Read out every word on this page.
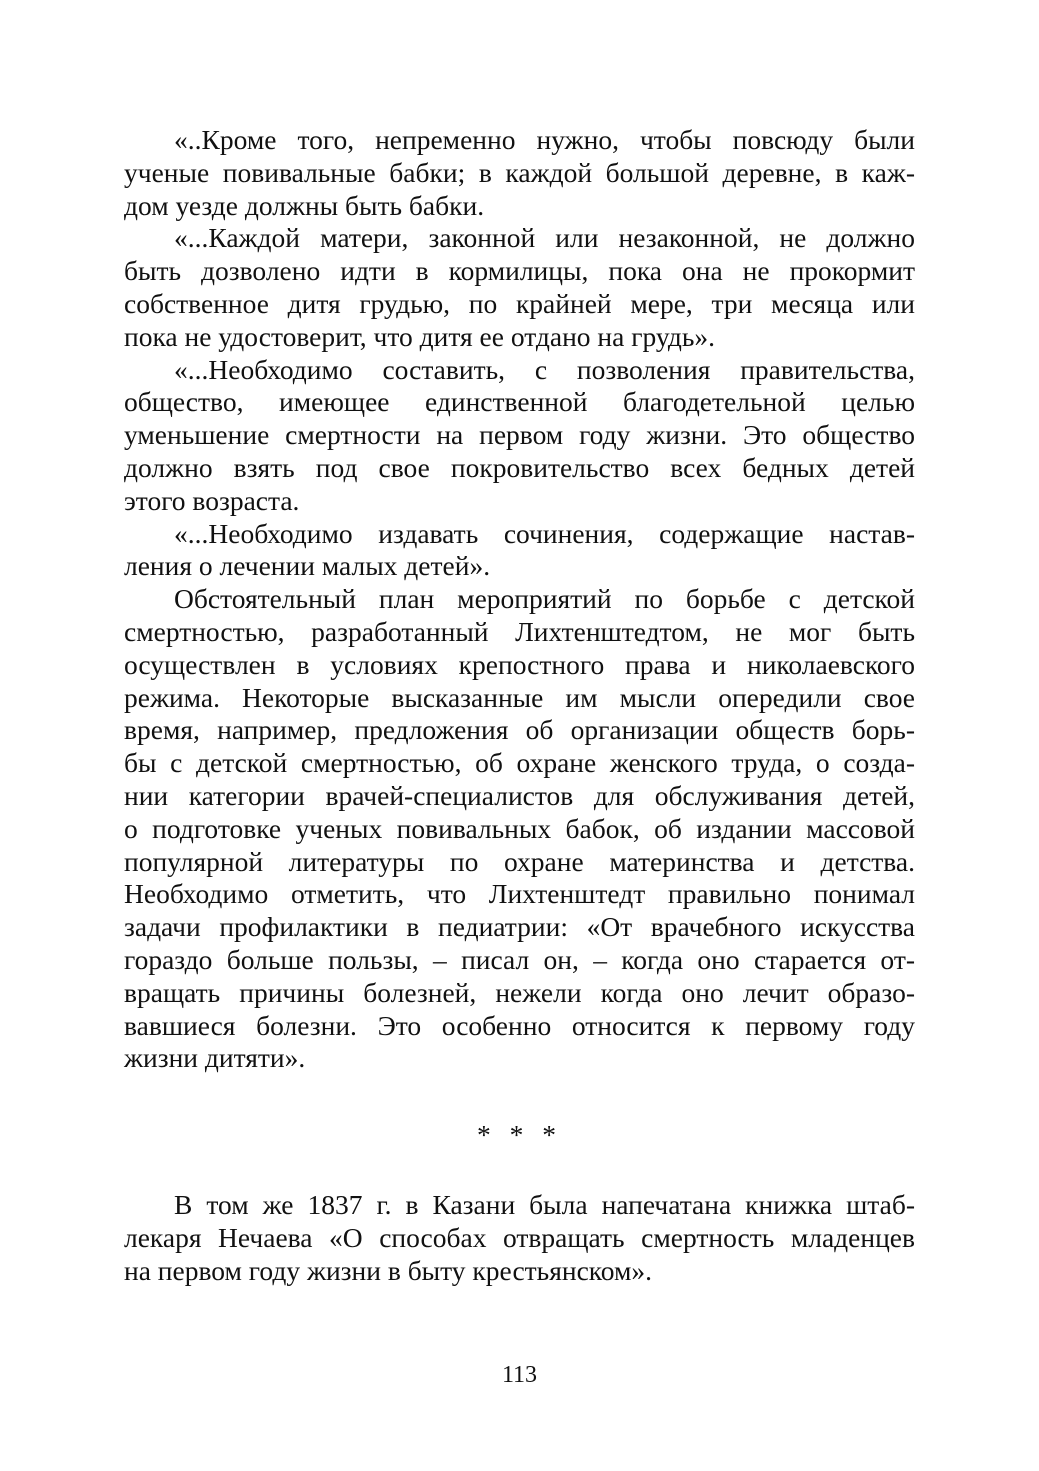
«..Кроме того, непременно нужно, чтобы повсюду были
ученые повивальные бабки; в каждой большой деревне, в каж-
дом уезде должны быть бабки.
«...Каждой матери, законной или незаконной, не должно
быть дозволено идти в кормилицы, пока она не прокормит
собственное дитя грудью, по крайней мере, три месяца или
пока не удостоверит, что дитя ее отдано на грудь».
«...Необходимо составить, с позволения правительства,
общество, имеющее единственной благодетельной целью
уменьшение смертности на первом году жизни. Это общество
должно взять под свое покровительство всех бедных детей
этого возраста.
«...Необходимо издавать сочинения, содержащие настав-
ления о лечении малых детей».
Обстоятельный план мероприятий по борьбе с детской
смертностью, разработанный Лихтенштедтом, не мог быть
осуществлен в условиях крепостного права и николаевского
режима. Некоторые высказанные им мысли опередили свое
время, например, предложения об организации обществ борь-
бы с детской смертностью, об охране женского труда, о созда-
нии категории врачей-специалистов для обслуживания детей,
о подготовке ученых повивальных бабок, об издании массовой
популярной литературы по охране материнства и детства.
Необходимо отметить, что Лихтенштедт правильно понимал
задачи профилактики в педиатрии: «От врачебного искусства
гораздо больше пользы, – писал он, – когда оно старается от-
вращать причины болезней, нежели когда оно лечит образо-
вавшиеся болезни. Это особенно относится к первому году
жизни дитяти».
* * *
В том же 1837 г. в Казани была напечатана книжка штаб-
лекаря Нечаева «О способах отвращать смертность младенцев
на первом году жизни в быту крестьянском».
113
